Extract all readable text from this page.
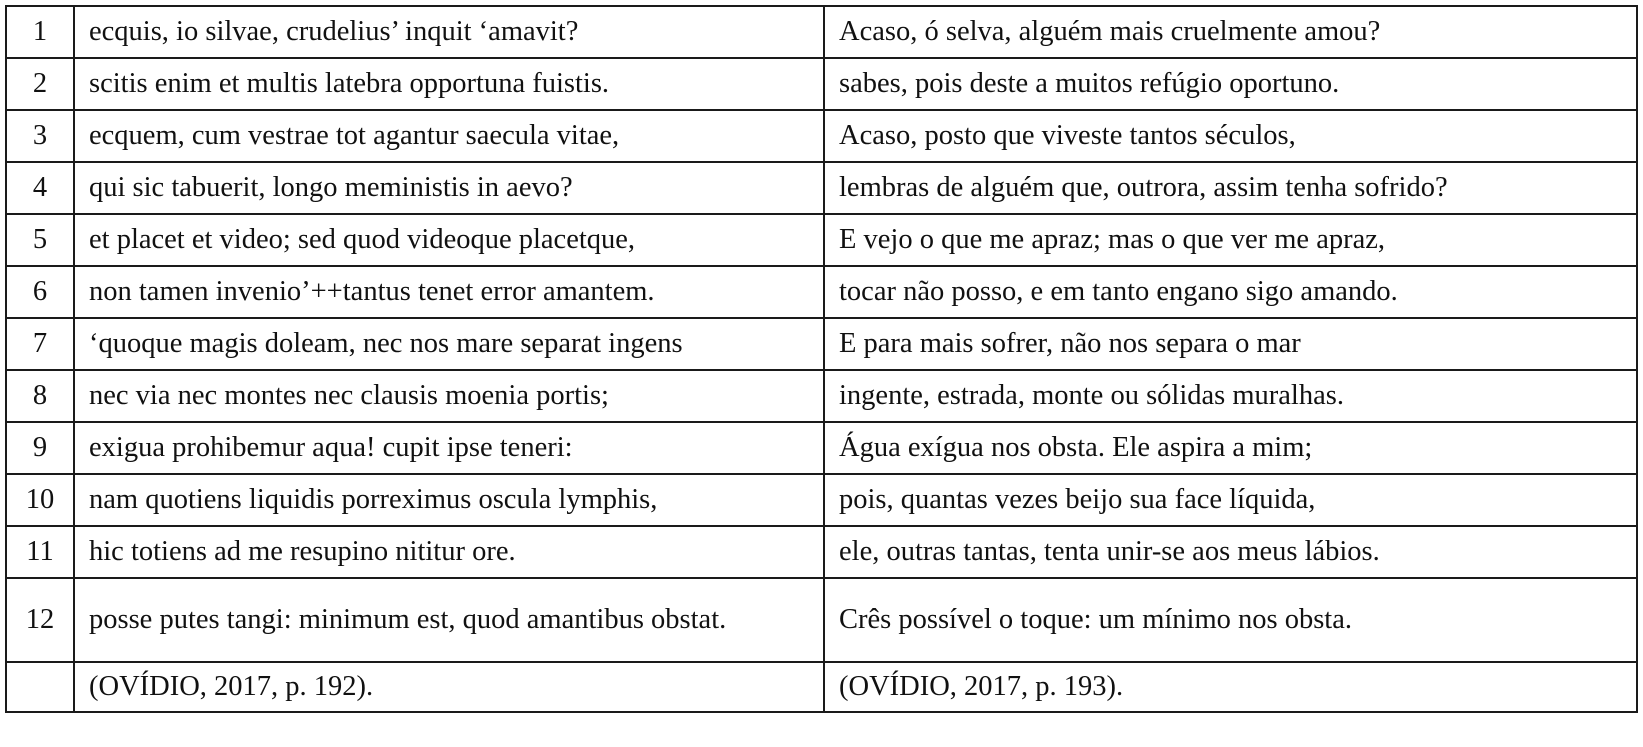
1	ecquis, io silvae, crudelius’ inquit ‘amavit?	Acaso, ó selva, alguém mais cruelmente amou?
2	scitis enim et multis latebra opportuna fuistis.	sabes, pois deste a muitos refúgio oportuno.
3	ecquem, cum vestrae tot agantur saecula vitae,	Acaso, posto que viveste tantos séculos,
4	qui sic tabuerit, longo meministis in aevo?	lembras de alguém que, outrora, assim tenha sofrido?
5	et placet et video; sed quod videoque placetque,	E vejo o que me apraz; mas o que ver me apraz,
6	non tamen invenio’++tantus tenet error amantem.	tocar não posso, e em tanto engano sigo amando.
7	‘quoque magis doleam, nec nos mare separat ingens	E para mais sofrer, não nos separa o mar
8	nec via nec montes nec clausis moenia portis;	ingente, estrada, monte ou sólidas muralhas.
9	exigua prohibemur aqua! cupit ipse teneri:	Água exígua nos obsta. Ele aspira a mim;
10	nam quotiens liquidis porreximus oscula lymphis,	pois, quantas vezes beijo sua face líquida,
11	hic totiens ad me resupino nititur ore.	ele, outras tantas, tenta unir-se aos meus lábios.
12	posse putes tangi: minimum est, quod amantibus obstat.	Crês possível o toque: um mínimo nos obsta.
	(OVÍDIO, 2017, p. 192).	(OVÍDIO, 2017, p. 193).
